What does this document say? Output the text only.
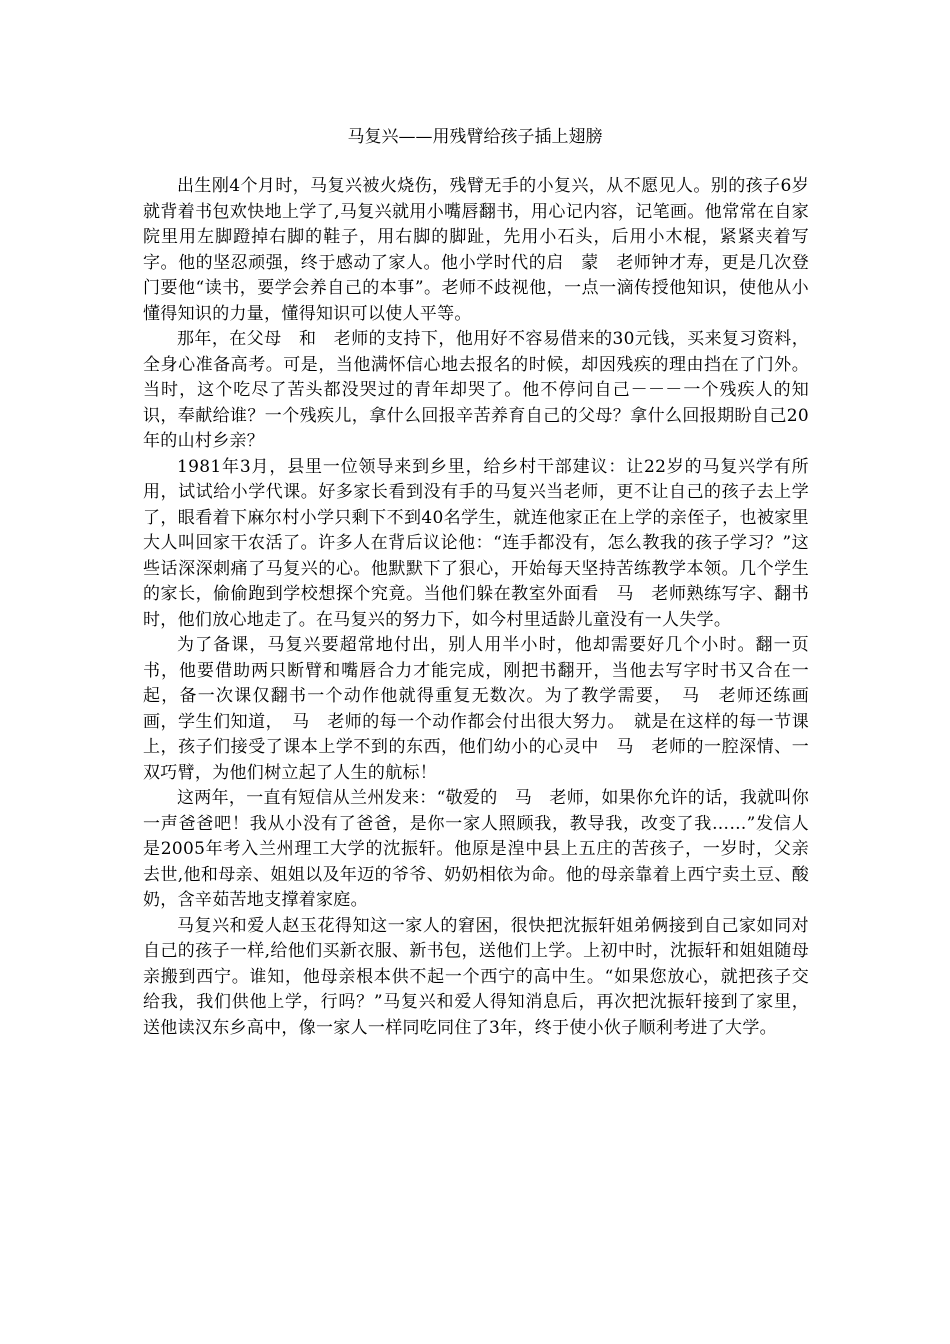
马复兴——用残臂给孩子插上翅膀

出生刚4个月时，马复兴被火烧伤，残臂无手的小复兴，从不愿见人。别的孩子6岁就背着书包欢快地上学了,马复兴就用小嘴唇翻书，用心记内容，记笔画。他常常在自家院里用左脚蹬掉右脚的鞋子，用右脚的脚趾，先用小石头，后用小木棍，紧紧夹着写字。他的坚忍顽强，终于感动了家人。他小学时代的启　蒙　老师钟才寿，更是几次登门要他“读书，要学会养自己的本事”。老师不歧视他，一点一滴传授他知识，使他从小懂得知识的力量，懂得知识可以使人平等。

那年，在父母　和　老师的支持下，他用好不容易借来的30元钱，买来复习资料，全身心准备高考。可是，当他满怀信心地去报名的时候，却因残疾的理由挡在了门外。当时，这个吃尽了苦头都没哭过的青年却哭了。他不停问自己－－－一个残疾人的知识，奉献给谁？一个残疾儿，拿什么回报辛苦养育自己的父母？拿什么回报期盼自己20年的山村乡亲？

1981年3月，县里一位领导来到乡里，给乡村干部建议：让22岁的马复兴学有所用，试试给小学代课。好多家长看到没有手的马复兴当老师，更不让自己的孩子去上学了，眼看着下麻尔村小学只剩下不到40名学生，就连他家正在上学的亲侄子，也被家里大人叫回家干农活了。许多人在背后议论他：“连手都没有，怎么教我的孩子学习？”这些话深深刺痛了马复兴的心。他默默下了狠心，开始每天坚持苦练教学本领。几个学生的家长，偷偷跑到学校想探个究竟。当他们躲在教室外面看　马　老师熟练写字、翻书时，他们放心地走了。在马复兴的努力下，如今村里适龄儿童没有一人失学。

为了备课，马复兴要超常地付出，别人用半小时，他却需要好几个小时。翻一页书，他要借助两只断臂和嘴唇合力才能完成，刚把书翻开，当他去写字时书又合在一起，备一次课仅翻书一个动作他就得重复无数次。为了教学需要，　马　老师还练画画，学生们知道，　马　老师的每一个动作都会付出很大努力。　就是在这样的每一节课上，孩子们接受了课本上学不到的东西，他们幼小的心灵中　马　老师的一腔深情、一双巧臂，为他们树立起了人生的航标！

这两年，一直有短信从兰州发来：“敬爱的　马　老师，如果你允许的话，我就叫你一声爸爸吧！我从小没有了爸爸，是你一家人照顾我，教导我，改变了我……”发信人是2005年考入兰州理工大学的沈振轩。他原是湟中县上五庄的苦孩子，一岁时，父亲去世,他和母亲、姐姐以及年迈的爷爷、奶奶相依为命。他的母亲靠着上西宁卖土豆、酸奶，含辛茹苦地支撑着家庭。

马复兴和爱人赵玉花得知这一家人的窘困，很快把沈振轩姐弟俩接到自己家如同对自己的孩子一样,给他们买新衣服、新书包，送他们上学。上初中时，沈振轩和姐姐随母亲搬到西宁。谁知，他母亲根本供不起一个西宁的高中生。“如果您放心，就把孩子交给我，我们供他上学，行吗？”马复兴和爱人得知消息后，再次把沈振轩接到了家里，送他读汉东乡高中，像一家人一样同吃同住了3年，终于使小伙子顺利考进了大学。
